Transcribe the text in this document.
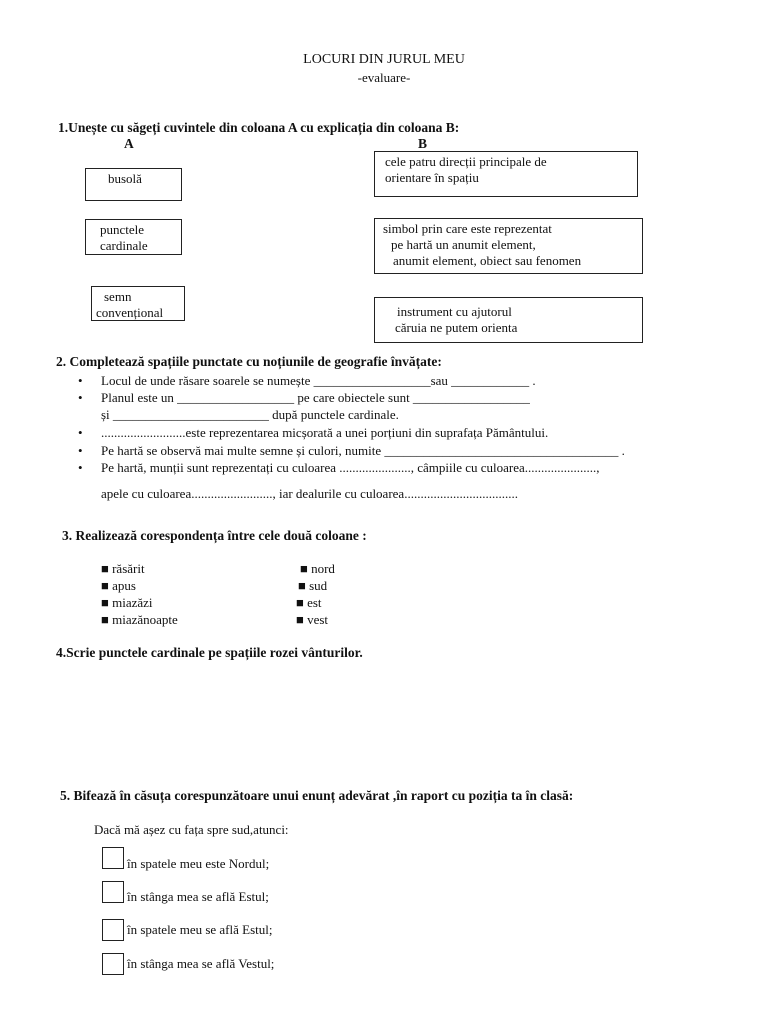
LOCURI DIN JURUL MEU
-evaluare-
1.Unește cu săgeți cuvintele din coloana A cu explicația din coloana B:
A	B
busolă
punctele
cardinale
semn
convențional
cele patru direcții principale de
orientare în spațiu
simbol prin care este reprezentat
pe hartă un anumit element,
anumit element, obiect sau fenomen
instrument cu ajutorul
căruia ne putem orienta
2. Completează spațiile punctate cu noțiunile de geografie învățate:
• Locul de unde răsare soarele se numește __________________sau ____________ .
• Planul este un __________________ pe care obiectele sunt __________________
și ________________________ după punctele cardinale.
• ..........................este reprezentarea micșorată a unei porțiuni din suprafața Pământului.
• Pe hartă se observă mai multe semne și culori, numite ____________________________________ .
• Pe hartă, munții sunt reprezentați cu culoarea ......................, câmpiile cu culoarea......................,
apele cu culoarea........................., iar dealurile cu culoarea...................................
3. Realizează corespondența între cele două coloane :
■ răsărit
■ apus
■ miazăzi
■ miazănoapte
■ nord
■ sud
■ est
■ vest
4.Scrie punctele cardinale pe spațiile rozei vânturilor.
5. Bifează în căsuța corespunzătoare unui enunț adevărat ,în raport cu poziția ta în clasă:
Dacă mă așez cu fața spre sud,atunci:
în spatele meu este Nordul;
în stânga mea se află Estul;
în spatele meu se află Estul;
în stânga mea se află Vestul;
